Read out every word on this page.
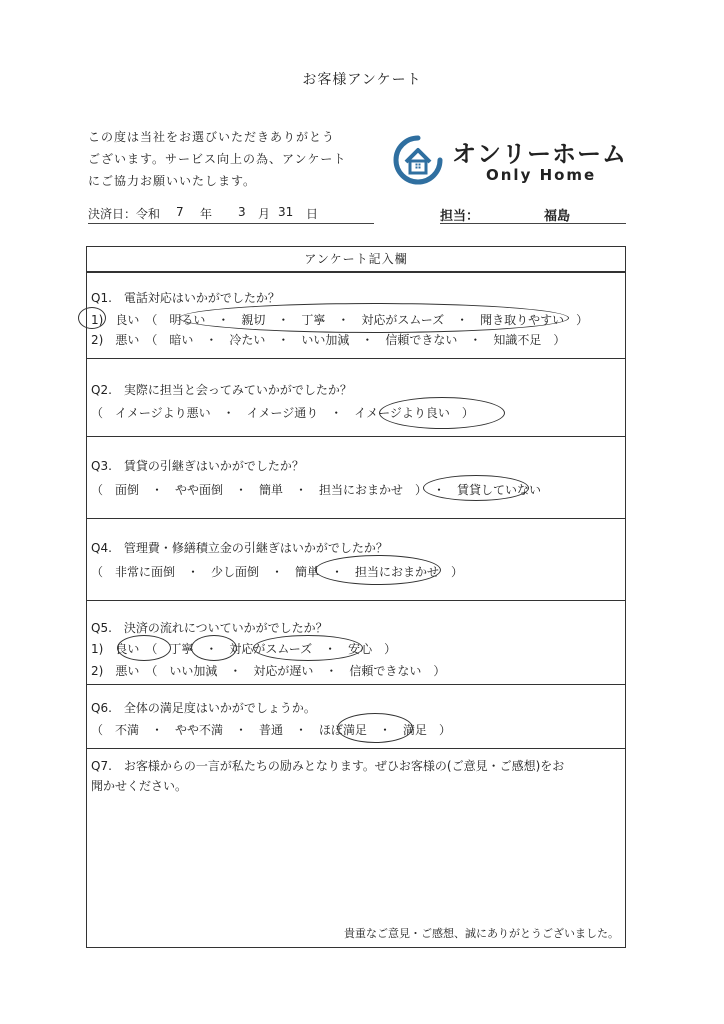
お客様アンケート
この度は当社をお選びいただきありがとう
ございます。サービス向上の為、アンケート
にご協力お願いいたします。
オンリーホーム
Only Home
決済日：令和 7 年 3 月 31 日	担当：	福島
アンケート記入欄
Q1.　電話対応はいかがでしたか？
1)　良い　（　明るい　・　親切　・　丁寧　・　対応がスムーズ　・　聞き取りやすい　）
2)　悪い　（　暗い　・　冷たい　・　いい加減　・　信頼できない　・　知識不足　）
Q2.　実際に担当と会ってみていかがでしたか？
（　イメージより悪い　・　イメージ通り　・　イメージより良い　）
Q3.　賃貸の引継ぎはいかがでしたか？
（　面倒　・　やや面倒　・　簡単　・　担当におまかせ　）　・　賃貸していない
Q4.　管理費・修繕積立金の引継ぎはいかがでしたか？
（　非常に面倒　・　少し面倒　・　簡単　・　担当におまかせ　）
Q5.　決済の流れについていかがでしたか？
1)　良い　（　丁寧　・　対応がスムーズ　・　安心　）
2)　悪い　（　いい加減　・　対応が遅い　・　信頼できない　）
Q6.　全体の満足度はいかがでしょうか。
（　不満　・　やや不満　・　普通　・　ほぼ満足　・　満足　）
Q7.　お客様からの一言が私たちの励みとなります。ぜひお客様の(ご意見・ご感想)をお
聞かせください。
貴重なご意見・ご感想、誠にありがとうございました。
